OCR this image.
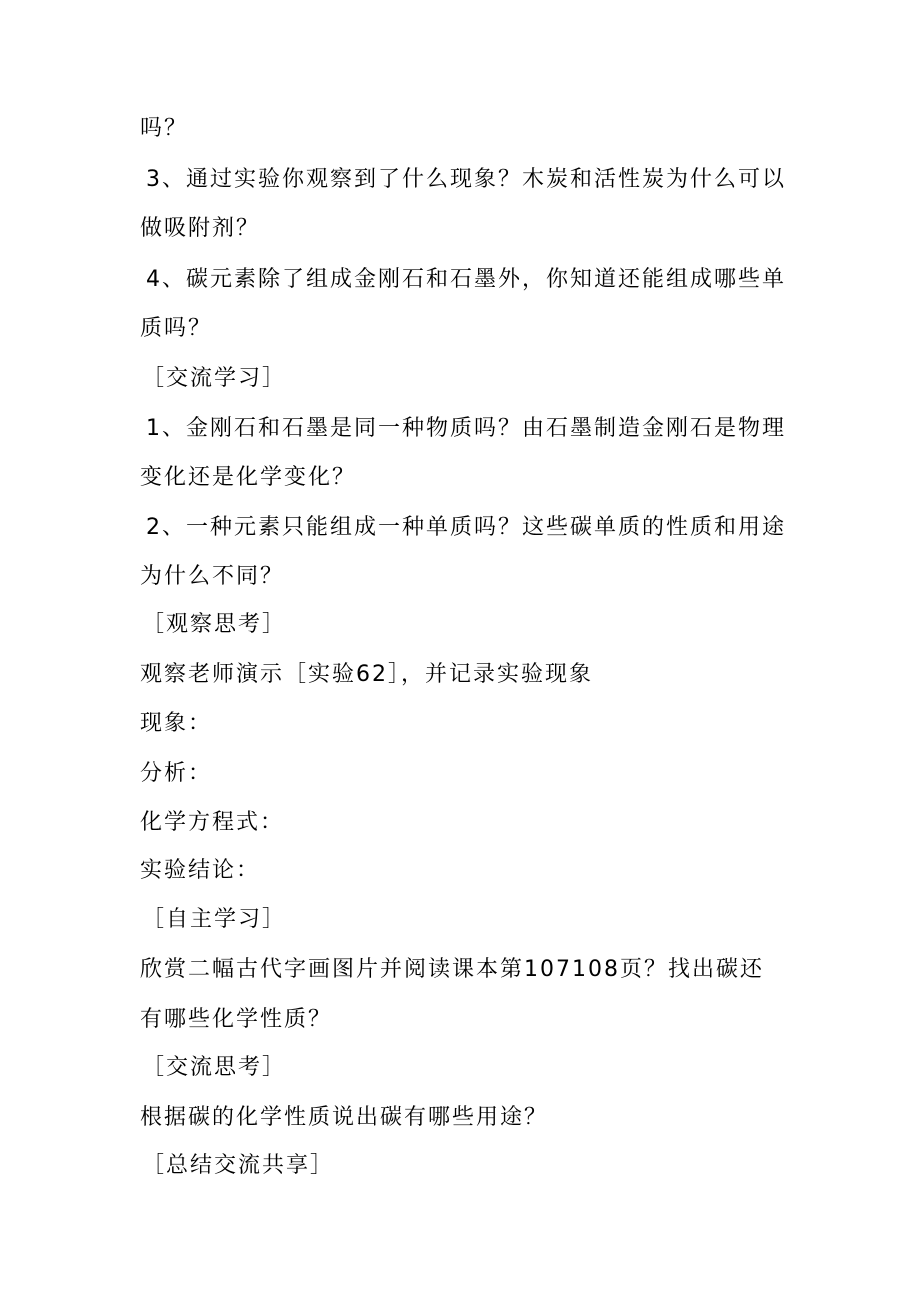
吗？
3、通过实验你观察到了什么现象？木炭和活性炭为什么可以
做吸附剂？
4、碳元素除了组成金刚石和石墨外，你知道还能组成哪些单
质吗？
［交流学习］
1、金刚石和石墨是同一种物质吗？由石墨制造金刚石是物理
变化还是化学变化？
2、一种元素只能组成一种单质吗？这些碳单质的性质和用途
为什么不同？
［观察思考］
观察老师演示［实验62］，并记录实验现象
现象：
分析：
化学方程式：
实验结论：
［自主学习］
欣赏二幅古代字画图片并阅读课本第107108页？找出碳还
有哪些化学性质？
［交流思考］
根据碳的化学性质说出碳有哪些用途？
［总结交流共享］
